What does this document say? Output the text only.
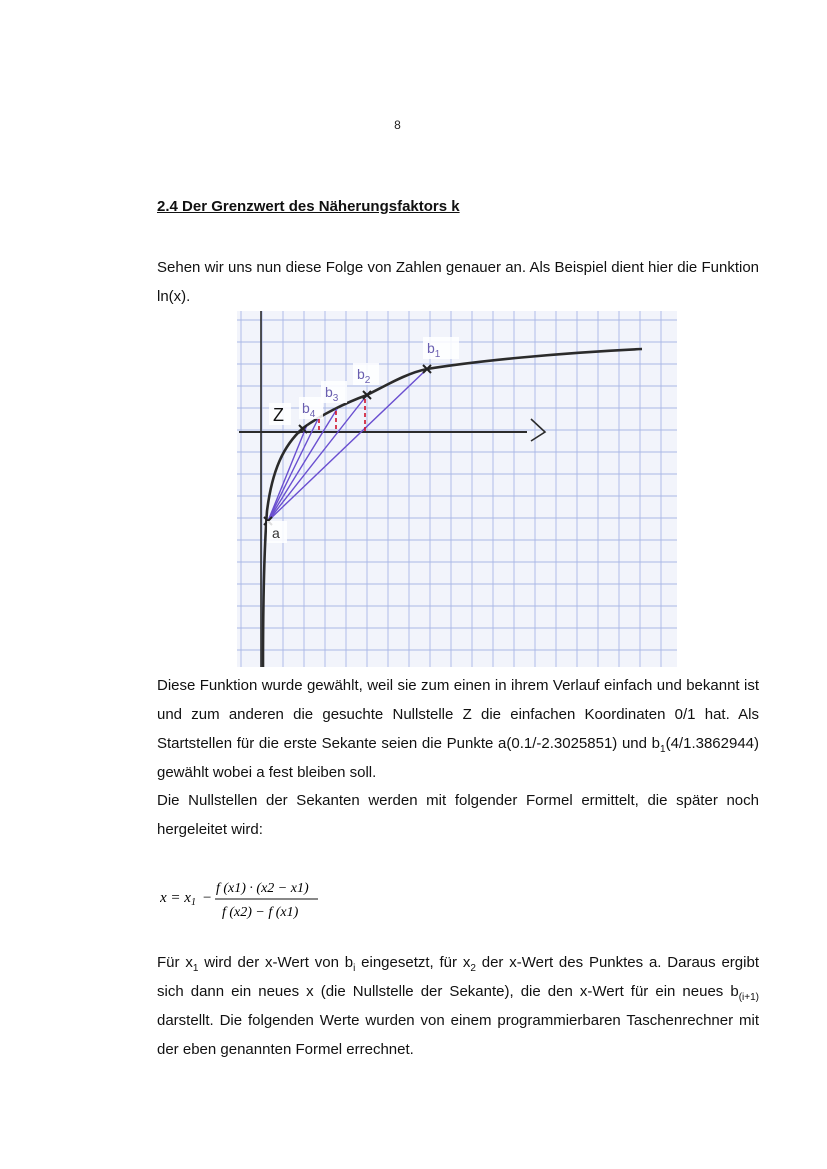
8
2.4 Der Grenzwert des Näherungsfaktors k
Sehen wir uns nun diese Folge von Zahlen genauer an. Als Beispiel dient hier die Funktion ln(x).
$b_1$
$b_2$
$b_3$
$b_4$
Z
a
Diese Funktion wurde gewählt, weil sie zum einen in ihrem Verlauf einfach und bekannt ist und zum anderen die gesuchte Nullstelle Z die einfachen Koordinaten 0/1 hat. Als Startstellen für die erste Sekante seien die Punkte a(0.1/-2.3025851) und $b_1(4/1.3862944)$ gewählt wobei a fest bleiben soll.
Die Nullstellen der Sekanten werden mit folgender Formel ermittelt, die später noch hergeleitet wird:
$x = x_1$ −
f (x1) · (x2 − x1)
f (x2) − f (x1)
Für $x_1$ wird der x-Wert von $b_i$ eingesetzt, für $x_2$ der x-Wert des Punktes a. Daraus ergibt sich dann ein neues x (die Nullstelle der Sekante), die den x-Wert für ein neues $b_{(i+1)}$ darstellt. Die folgenden Werte wurden von einem programmierbaren Taschenrechner mit der eben genannten Formel errechnet.
